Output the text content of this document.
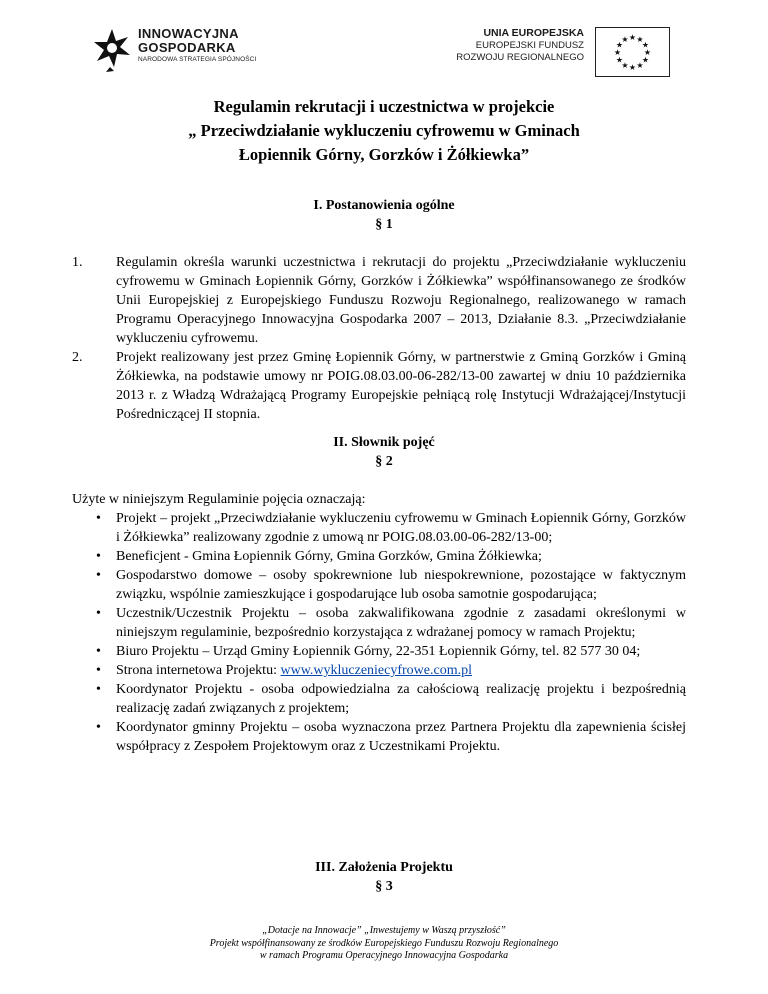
INNOWACYJNA
GOSPODARKA
NARODOWA STRATEGIA SPÓJNOŚCI
UNIA EUROPEJSKA
EUROPEJSKI FUNDUSZ
ROZWOJU REGIONALNEGO
★ ★
★
★
★
★
★
★
★
★
★
★
Regulamin rekrutacji i uczestnictwa w projekcie
„ Przeciwdziałanie wykluczeniu cyfrowemu w Gminach
Łopiennik Górny, Gorzków i Żółkiewka”
I. Postanowienia ogólne
§ 1
1. Regulamin określa warunki uczestnictwa i rekrutacji do projektu „Przeciwdziałanie wykluczeniu cyfrowemu w Gminach Łopiennik Górny, Gorzków i Żółkiewka” współfinansowanego ze środków Unii Europejskiej z Europejskiego Funduszu Rozwoju Regionalnego, realizowanego w ramach Programu Operacyjnego Innowacyjna Gospodarka 2007 – 2013, Działanie 8.3. „Przeciwdziałanie wykluczeniu cyfrowemu.
2. Projekt realizowany jest przez Gminę Łopiennik Górny, w partnerstwie z Gminą Gorzków i Gminą Żółkiewka, na podstawie umowy nr POIG.08.03.00-06-282/13-00 zawartej w dniu 10 października 2013 r. z Władzą Wdrażającą Programy Europejskie pełniącą rolę Instytucji Wdrażającej/Instytucji Pośredniczącej II stopnia.
II. Słownik pojęć
§ 2
Użyte w niniejszym Regulaminie pojęcia oznaczają:
• Projekt – projekt „Przeciwdziałanie wykluczeniu cyfrowemu w Gminach Łopiennik Górny, Gorzków i Żółkiewka” realizowany zgodnie z umową nr POIG.08.03.00-06-282/13-00;
• Beneficjent - Gmina Łopiennik Górny, Gmina Gorzków, Gmina Żółkiewka;
• Gospodarstwo domowe – osoby spokrewnione lub niespokrewnione, pozostające w faktycznym związku, wspólnie zamieszkujące i gospodarujące lub osoba samotnie gospodarująca;
• Uczestnik/Uczestnik Projektu – osoba zakwalifikowana zgodnie z zasadami określonymi w niniejszym regulaminie, bezpośrednio korzystająca z wdrażanej pomocy w ramach Projektu;
• Biuro Projektu – Urząd Gminy Łopiennik Górny, 22-351 Łopiennik Górny, tel. 82 577 30 04;
• Strona internetowa Projektu: www.wykluczeniecyfrowe.com.pl
• Koordynator Projektu - osoba odpowiedzialna za całościową realizację projektu i bezpośrednią realizację zadań związanych z projektem;
• Koordynator gminny Projektu – osoba wyznaczona przez Partnera Projektu dla zapewnienia ścisłej współpracy z Zespołem Projektowym oraz z Uczestnikami Projektu.
III. Założenia Projektu
§ 3
„Dotacje na Innowacje” „Inwestujemy w Waszą przyszłość”
Projekt współfinansowany ze środków Europejskiego Funduszu Rozwoju Regionalnego
w ramach Programu Operacyjnego Innowacyjna Gospodarka
